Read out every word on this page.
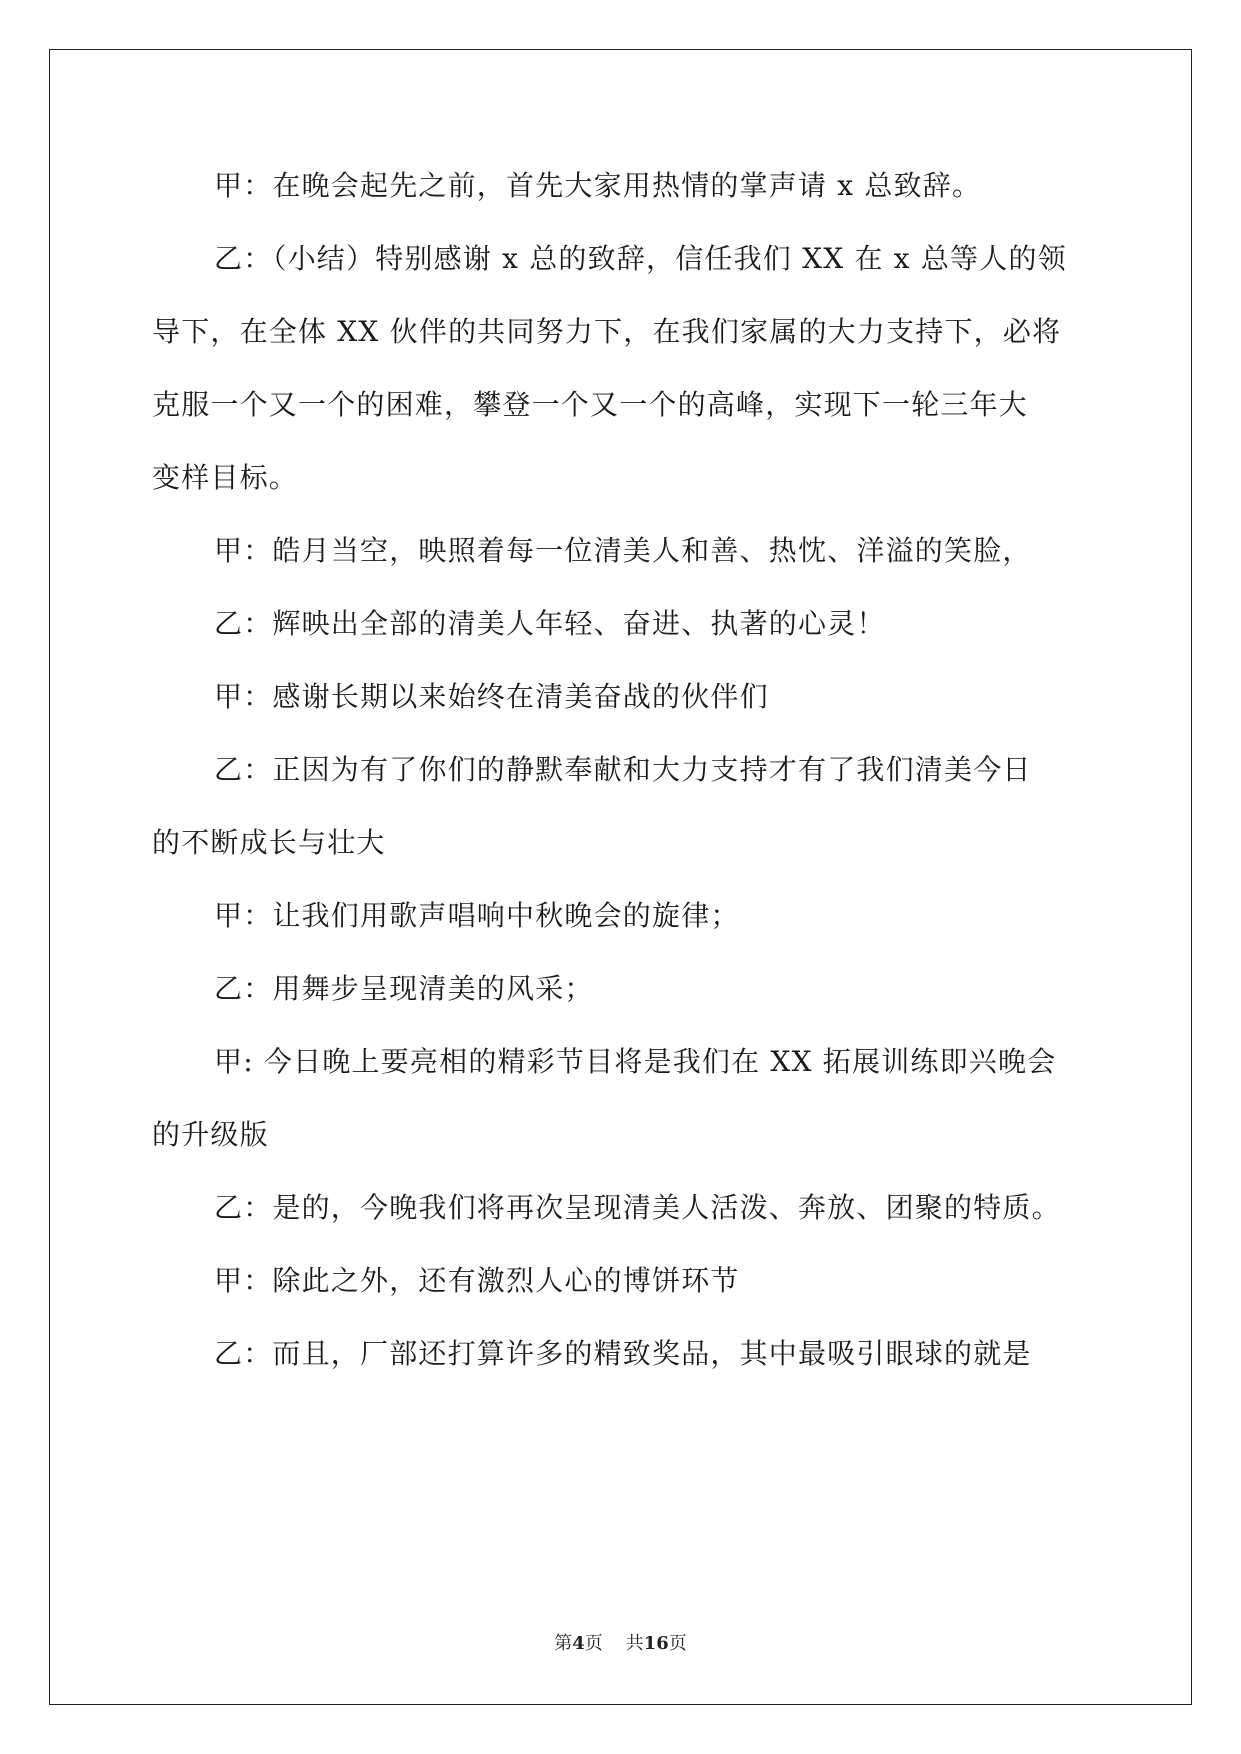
甲：在晚会起先之前，首先大家用热情的掌声请 x 总致辞。
乙：（小结）特别感谢 x 总的致辞，信任我们 XX 在 x 总等人的领
导下，在全体 XX 伙伴的共同努力下，在我们家属的大力支持下，必将
克服一个又一个的困难，攀登一个又一个的高峰，实现下一轮三年大
变样目标。
甲：皓月当空，映照着每一位清美人和善、热忱、洋溢的笑脸，
乙：辉映出全部的清美人年轻、奋进、执著的心灵！
甲：感谢长期以来始终在清美奋战的伙伴们
乙：正因为有了你们的静默奉献和大力支持才有了我们清美今日
的不断成长与壮大
甲：让我们用歌声唱响中秋晚会的旋律；
乙：用舞步呈现清美的风采；
甲: 今日晚上要亮相的精彩节目将是我们在 XX 拓展训练即兴晚会
的升级版
乙：是的，今晚我们将再次呈现清美人活泼、奔放、团聚的特质。
甲：除此之外，还有激烈人心的博饼环节
乙：而且，厂部还打算许多的精致奖品，其中最吸引眼球的就是
第4页 共16页
